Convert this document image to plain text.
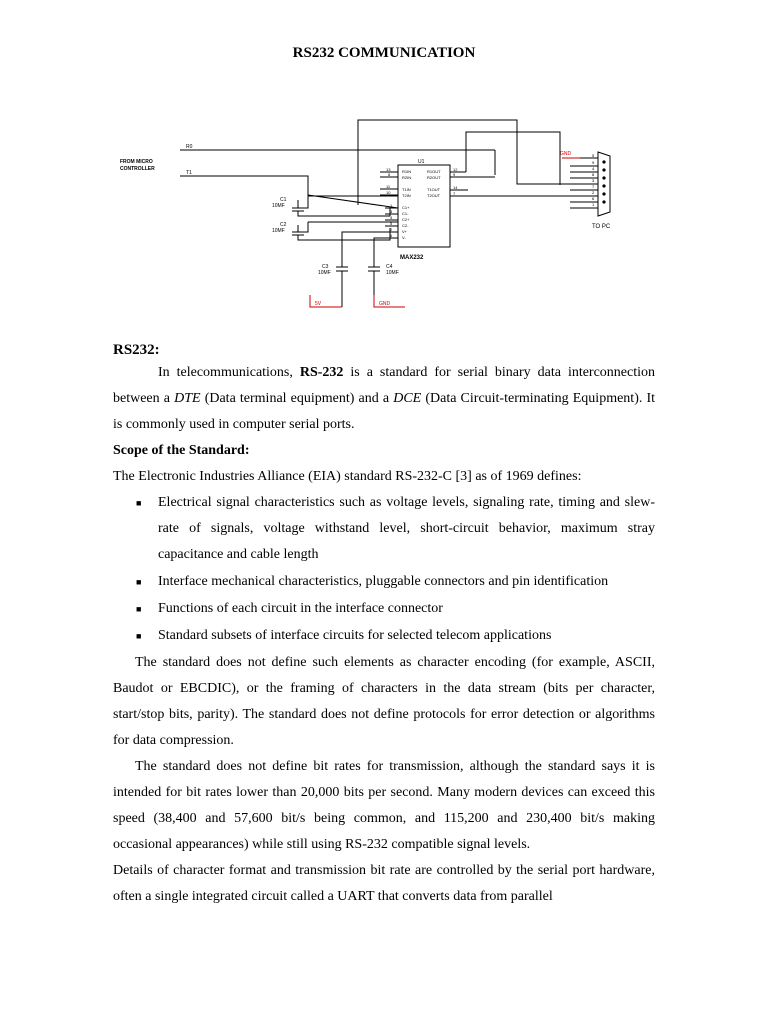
RS232 COMMUNICATION
FROM MICRO
CONTROLLER
R0
T1
U1
MAX232
R1IN
R2IN
T1IN
T2IN
C1+
C1-
C2+
C2-
V+
V-
13
8
11
10
1
3
4
5
2
6
R1OUT
R2OUT
T1OUT
T2OUT
12
9
14
7
C1
10MF
C2
10MF
C3
10MF
C4
10MF
5V	GND
GND
TO PC
5
9
4
8
3
7
2
6
1
RS232:

In telecommunications, RS-232 is a standard for serial binary data interconnection between a DTE (Data terminal equipment) and a DCE (Data Circuit-terminating Equipment). It is commonly used in computer serial ports.

Scope of the Standard:

The Electronic Industries Alliance (EIA) standard RS-232-C [3] as of 1969 defines:

■ Electrical signal characteristics such as voltage levels, signaling rate, timing and slew-rate of signals, voltage withstand level, short-circuit behavior, maximum stray capacitance and cable length
■ Interface mechanical characteristics, pluggable connectors and pin identification
■ Functions of each circuit in the interface connector
■ Standard subsets of interface circuits for selected telecom applications

The standard does not define such elements as character encoding (for example, ASCII, Baudot or EBCDIC), or the framing of characters in the data stream (bits per character, start/stop bits, parity). The standard does not define protocols for error detection or algorithms for data compression.

The standard does not define bit rates for transmission, although the standard says it is intended for bit rates lower than 20,000 bits per second. Many modern devices can exceed this speed (38,400 and 57,600 bit/s being common, and 115,200 and 230,400 bit/s making occasional appearances) while still using RS-232 compatible signal levels.

Details of character format and transmission bit rate are controlled by the serial port hardware, often a single integrated circuit called a UART that converts data from parallel
